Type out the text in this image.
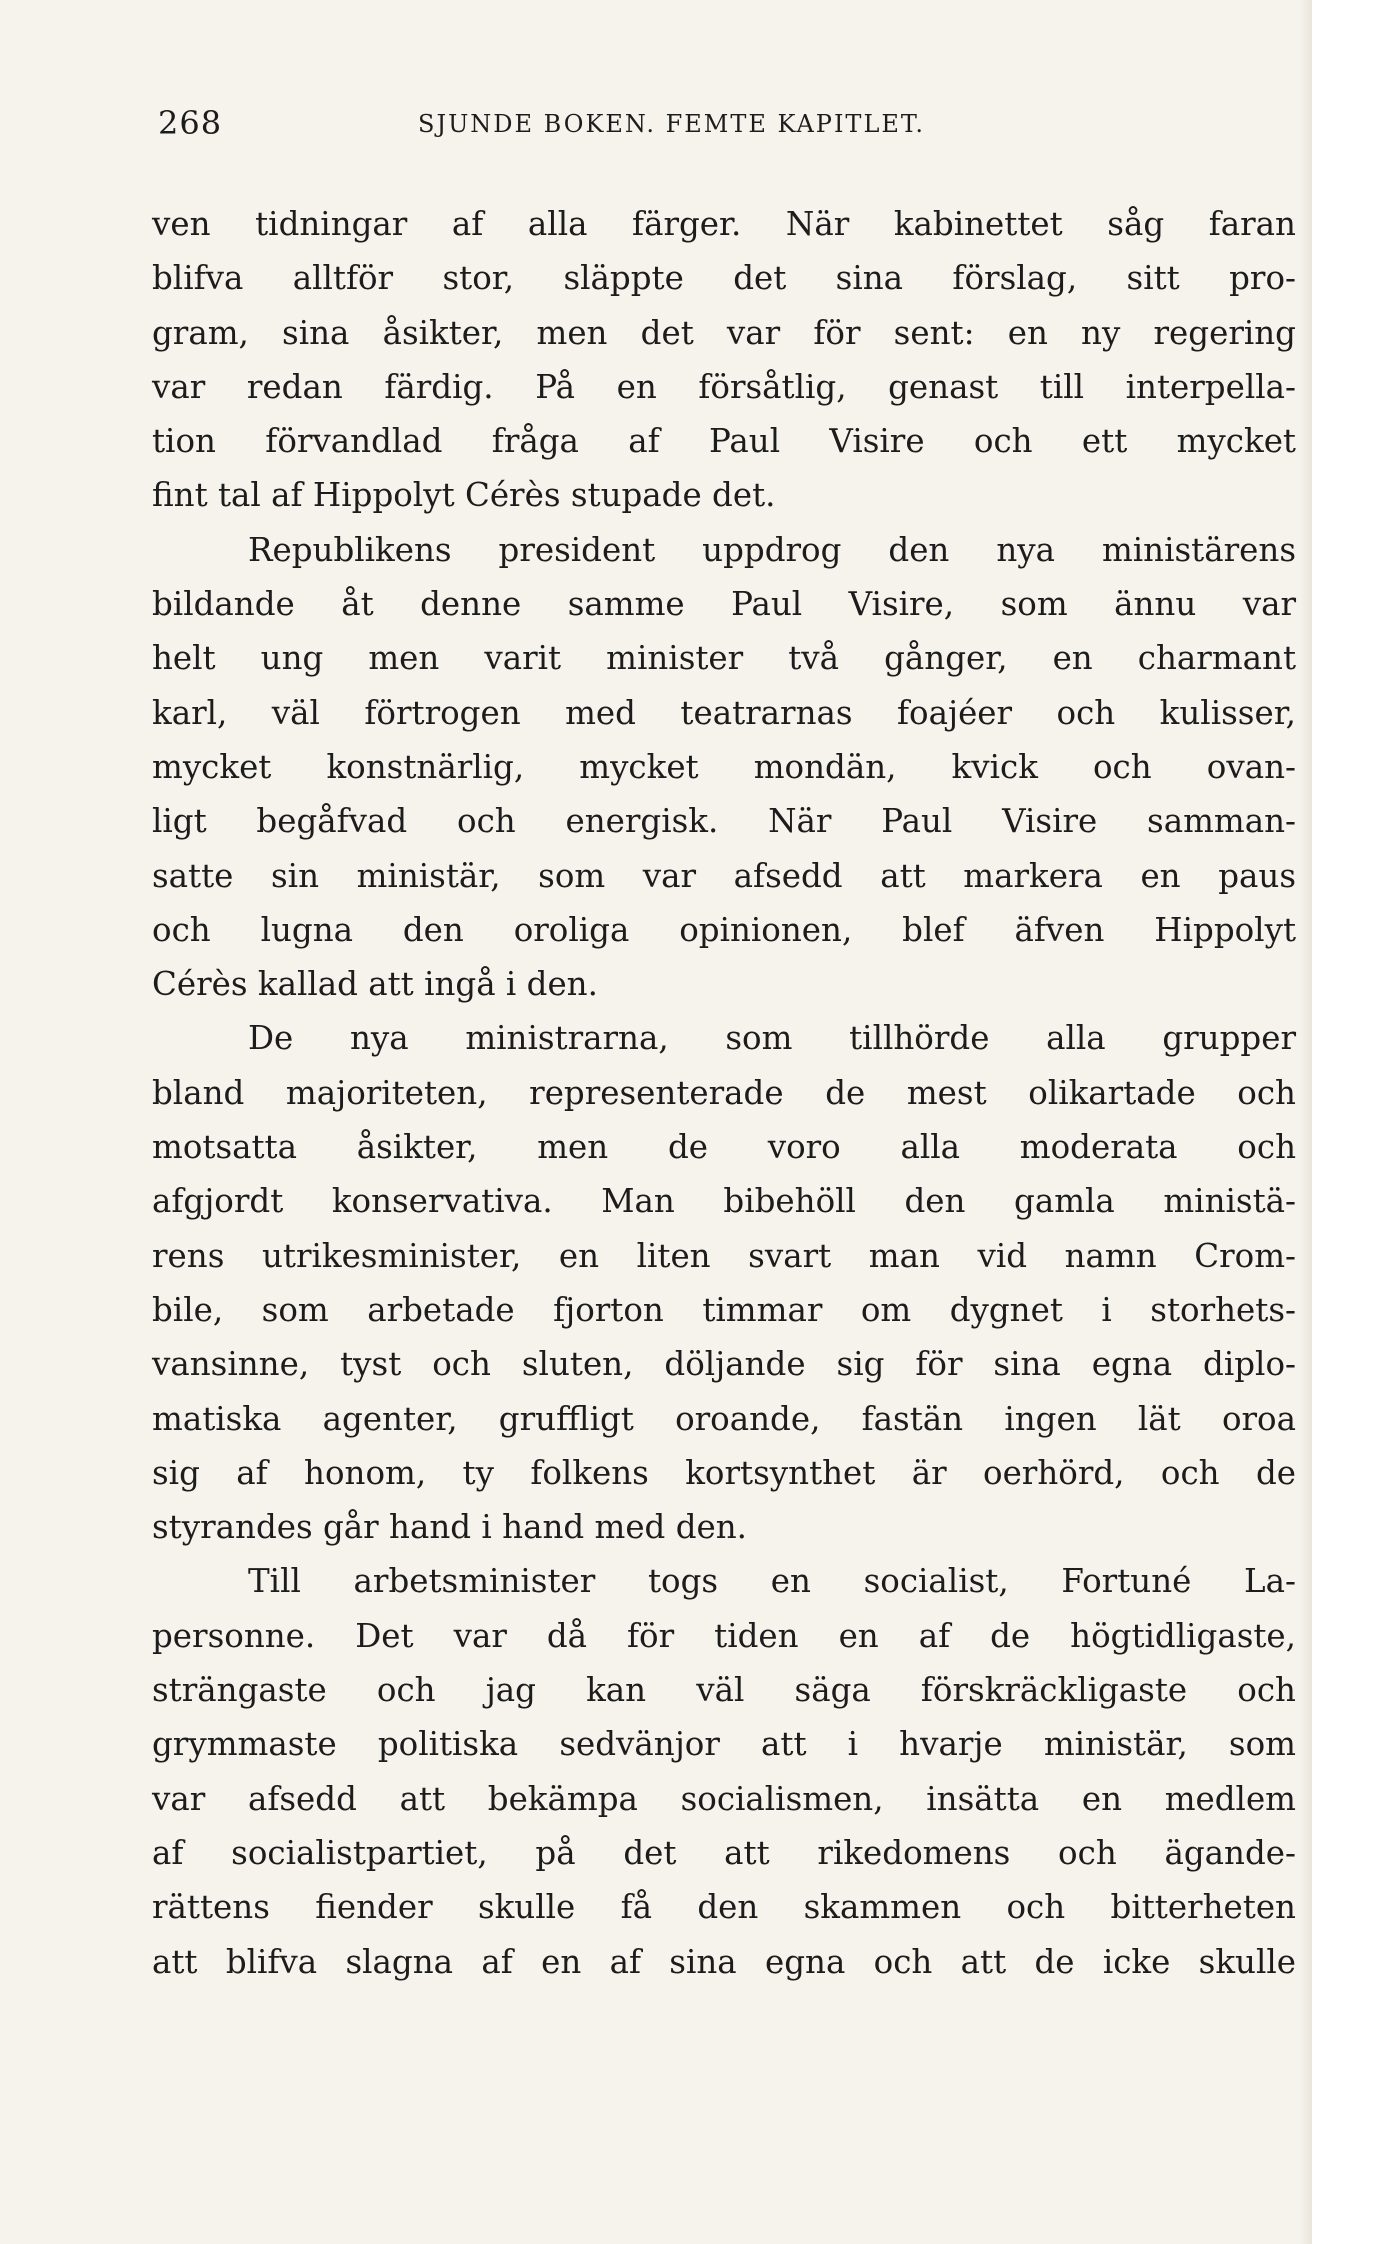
268	SJUNDE BOKEN. FEMTE KAPITLET.
ven tidningar af alla färger. När kabinettet såg faran
blifva alltför stor, släppte det sina förslag, sitt pro-
gram, sina åsikter, men det var för sent: en ny regering
var redan färdig. På en försåtlig, genast till interpella-
tion förvandlad fråga af Paul Visire och ett mycket
fint tal af Hippolyt Cérès stupade det.
Republikens president uppdrog den nya ministärens
bildande åt denne samme Paul Visire, som ännu var
helt ung men varit minister två gånger, en charmant
karl, väl förtrogen med teatrarnas foajéer och kulisser,
mycket konstnärlig, mycket mondän, kvick och ovan-
ligt begåfvad och energisk. När Paul Visire samman-
satte sin ministär, som var afsedd att markera en paus
och lugna den oroliga opinionen, blef äfven Hippolyt
Cérès kallad att ingå i den.
De nya ministrarna, som tillhörde alla grupper
bland majoriteten, representerade de mest olikartade och
motsatta åsikter, men de voro alla moderata och
afgjordt konservativa. Man bibehöll den gamla ministä-
rens utrikesminister, en liten svart man vid namn Crom-
bile, som arbetade fjorton timmar om dygnet i storhets-
vansinne, tyst och sluten, döljande sig för sina egna diplo-
matiska agenter, gruffligt oroande, fastän ingen lät oroa
sig af honom, ty folkens kortsynthet är oerhörd, och de
styrandes går hand i hand med den.
Till arbetsminister togs en socialist, Fortuné La-
personne. Det var då för tiden en af de högtidligaste,
strängaste och jag kan väl säga förskräckligaste och
grymmaste politiska sedvänjor att i hvarje ministär, som
var afsedd att bekämpa socialismen, insätta en medlem
af socialistpartiet, på det att rikedomens och ägande-
rättens fiender skulle få den skammen och bitterheten
att blifva slagna af en af sina egna och att de icke skulle
